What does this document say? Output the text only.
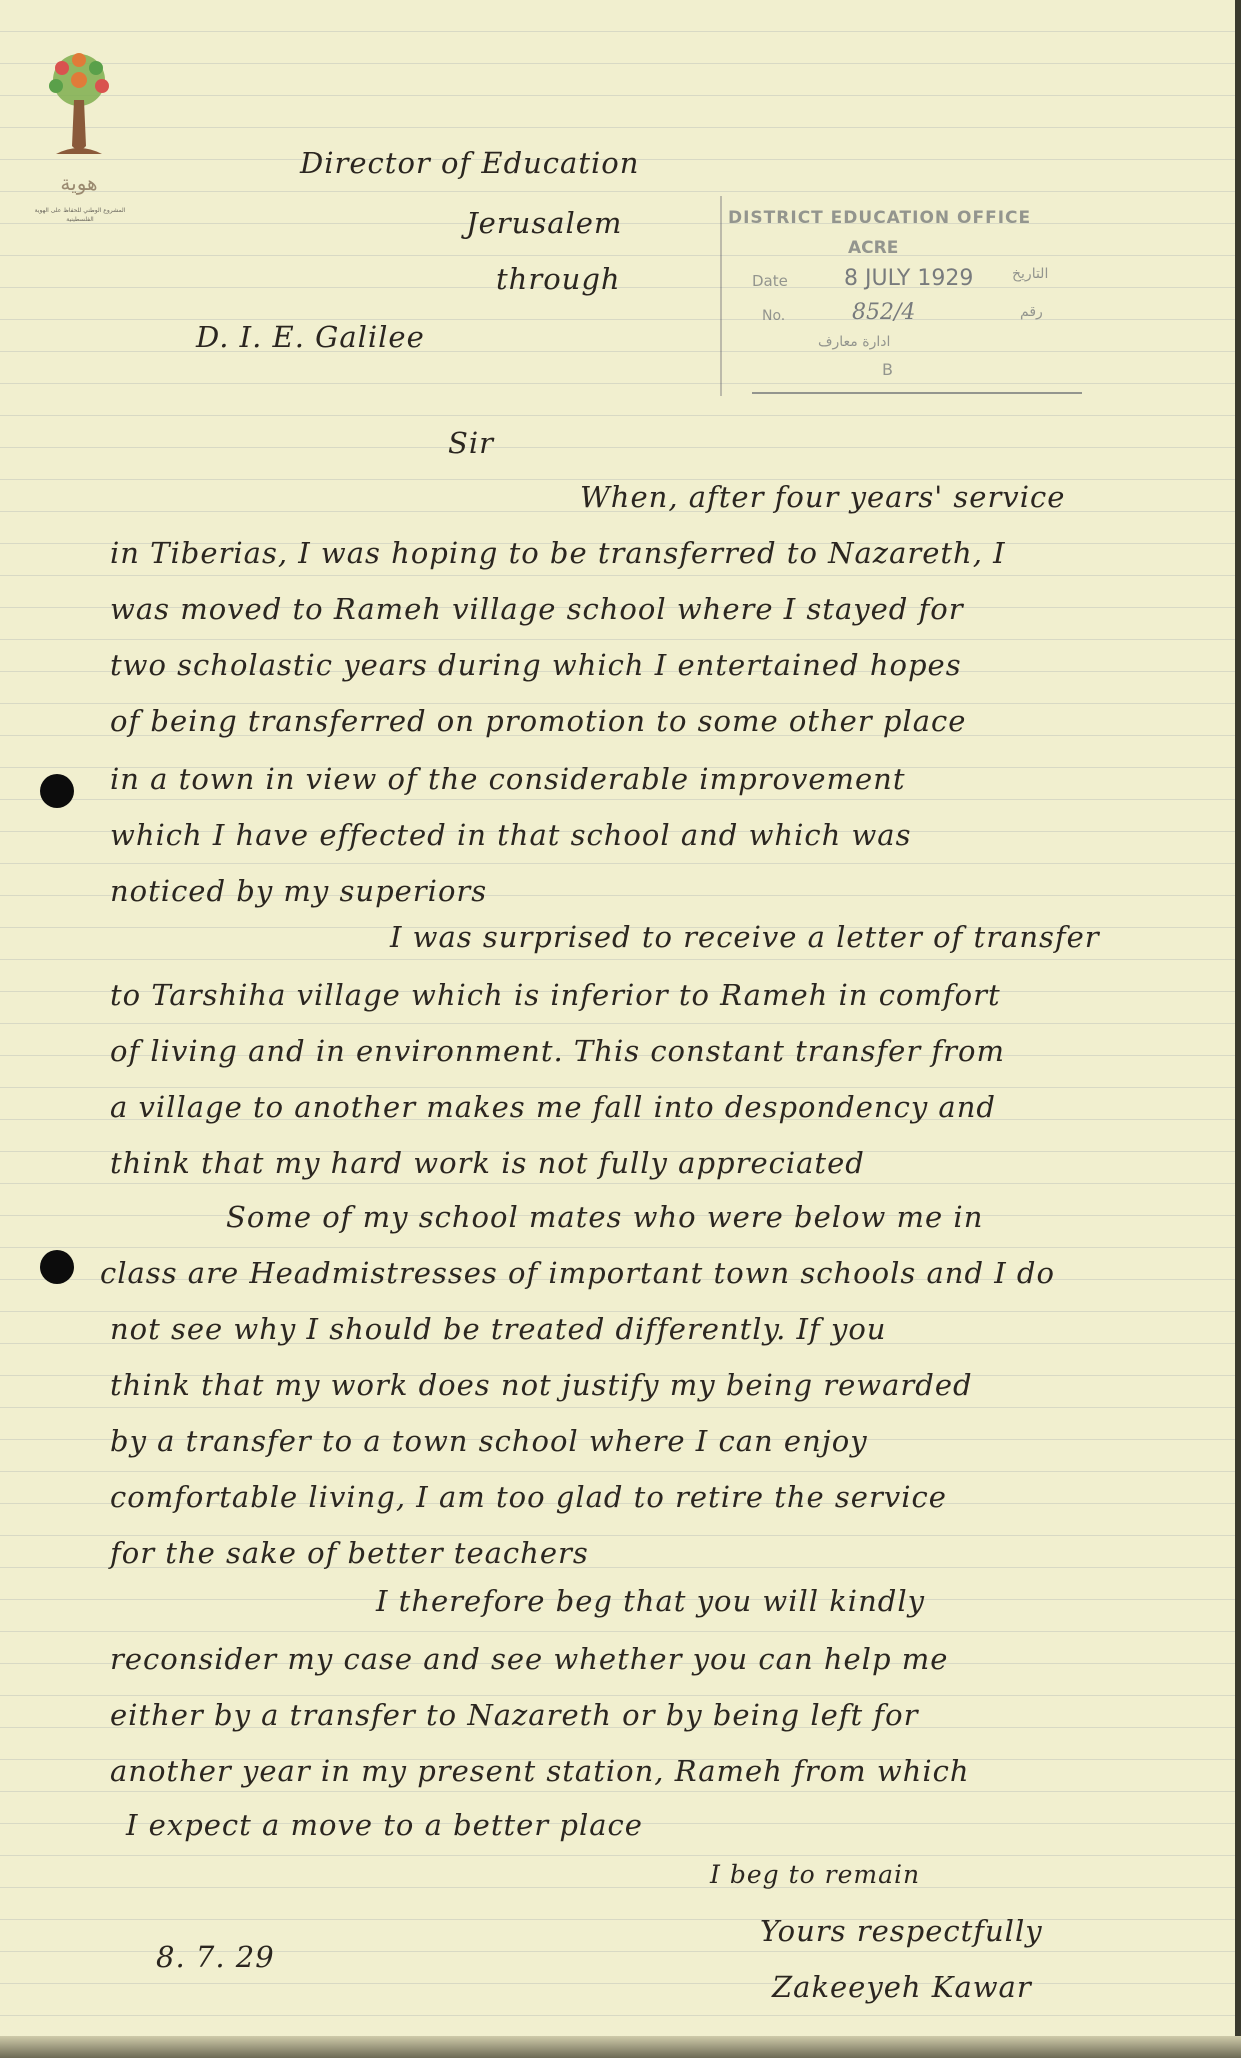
هوية
المشروع الوطني للحفاظ على الهوية الفلسطينية
Director of Education
Jerusalem
through
D. I. E. Galilee
DISTRICT EDUCATION OFFICE
ACRE
Date	8 JULY 1929	التاريخ
No.	852/4	رقم
ادارة معارف
B
Sir
When, after four years' service
in Tiberias, I was hoping to be transferred to Nazareth, I
was moved to Rameh village school where I stayed for
two scholastic years during which I entertained hopes
of being transferred on promotion to some other place
in a town in view of the considerable improvement
which I have effected in that school and which was
noticed by my superiors
I was surprised to receive a letter of transfer
to Tarshiha village which is inferior to Rameh in comfort
of living and in environment. This constant transfer from
a village to another makes me fall into despondency and
think that my hard work is not fully appreciated
Some of my school mates who were below me in
class are Headmistresses of important town schools and I do
not see why I should be treated differently. If you
think that my work does not justify my being rewarded
by a transfer to a town school where I can enjoy
comfortable living, I am too glad to retire the service
for the sake of better teachers
I therefore beg that you will kindly
reconsider my case and see whether you can help me
either by a transfer to Nazareth or by being left for
another year in my present station, Rameh from which
I expect a move to a better place
I beg to remain
Yours respectfully
Zakeeyeh Kawar
8. 7. 29
